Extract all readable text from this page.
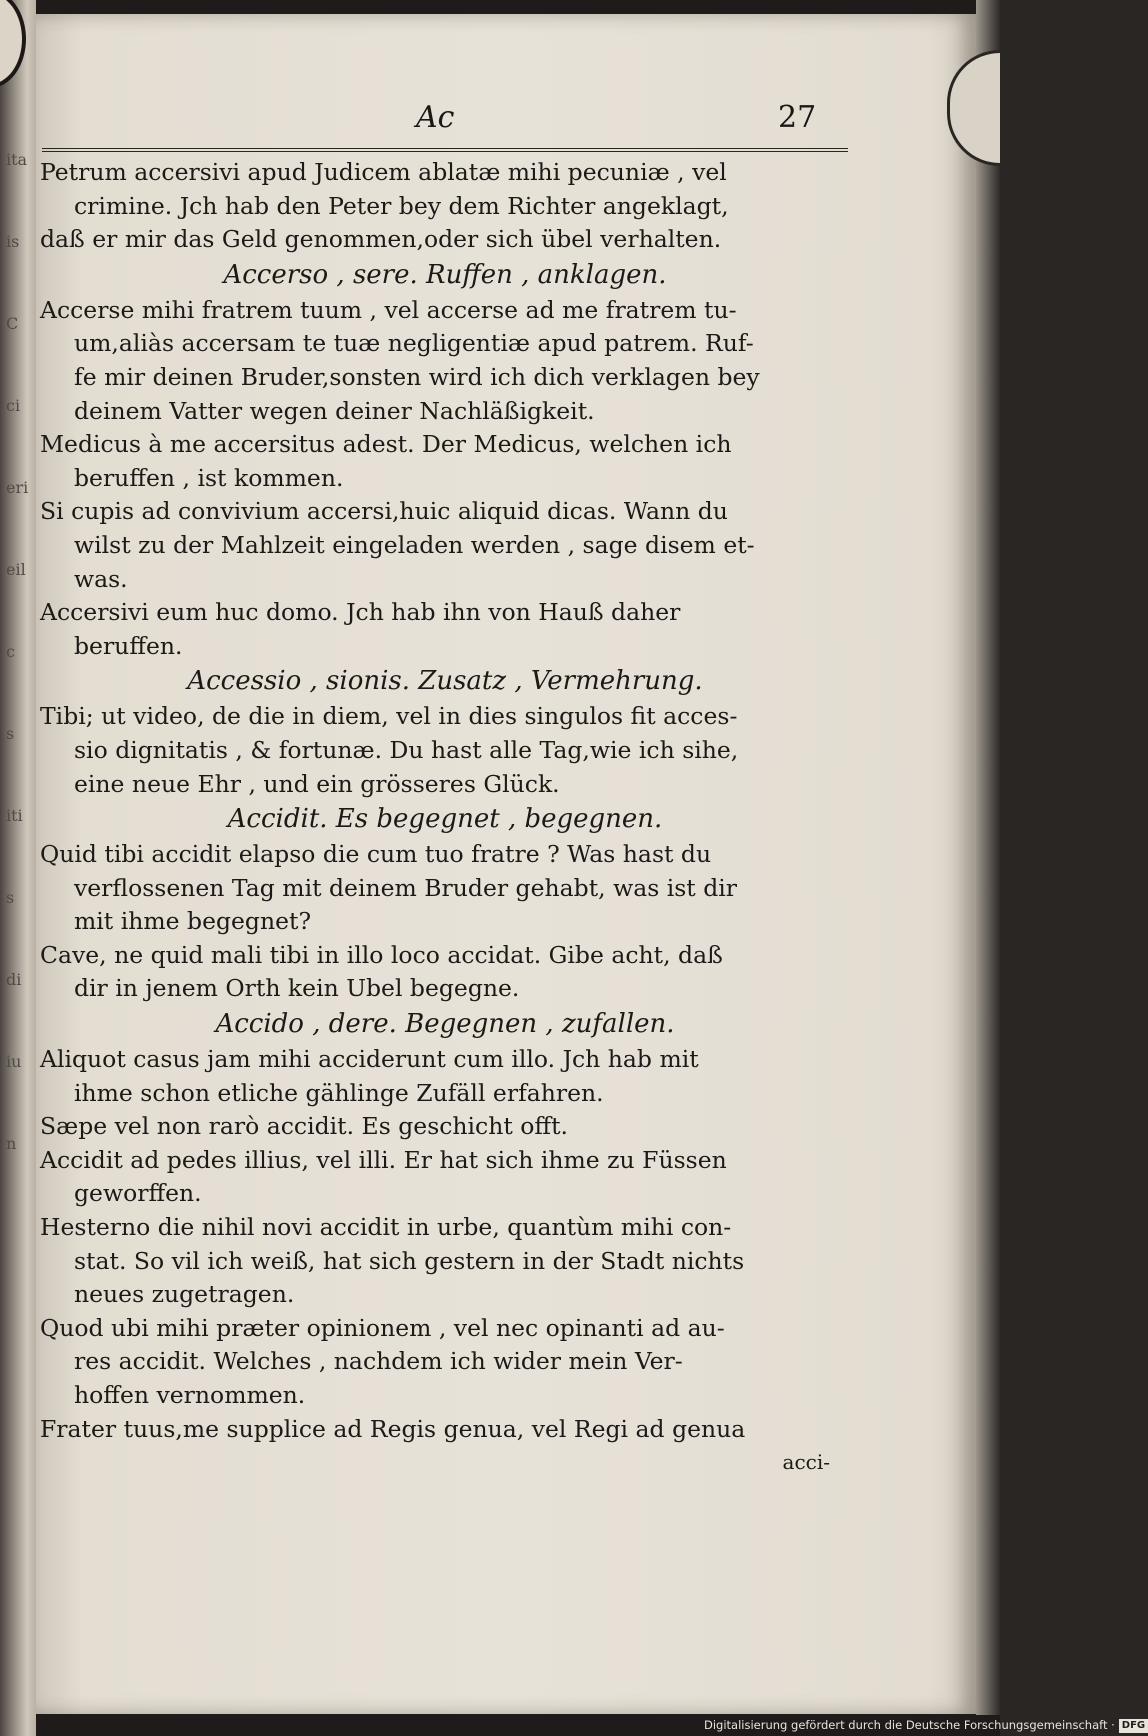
ita
is
C
ci
eri
eil
c
s
iti
s
di
iu
n
Ac	27
Petrum accersivi apud Judicem ablatæ mihi pecuniæ , vel
crimine. Jch hab den Peter bey dem Richter angeklagt,
daß er mir das Geld genommen,oder sich übel verhalten.
Accerso , sere. Ruffen , anklagen.
Accerse mihi fratrem tuum , vel accerse ad me fratrem tu-
um,aliàs accersam te tuæ negligentiæ apud patrem. Ruf-
fe mir deinen Bruder,sonsten wird ich dich verklagen bey
deinem Vatter wegen deiner Nachläßigkeit.
Medicus à me accersitus adest. Der Medicus, welchen ich
beruffen , ist kommen.
Si cupis ad convivium accersi,huic aliquid dicas. Wann du
wilst zu der Mahlzeit eingeladen werden , sage disem et-
was.
Accersivi eum huc domo. Jch hab ihn von Hauß daher
beruffen.
Accessio , sionis. Zusatz , Vermehrung.
Tibi; ut video, de die in diem, vel in dies singulos fit acces-
sio dignitatis , & fortunæ. Du hast alle Tag,wie ich sihe,
eine neue Ehr , und ein grösseres Glück.
Accidit. Es begegnet , begegnen.
Quid tibi accidit elapso die cum tuo fratre ? Was hast du
verflossenen Tag mit deinem Bruder gehabt, was ist dir
mit ihme begegnet?
Cave, ne quid mali tibi in illo loco accidat. Gibe acht, daß
dir in jenem Orth kein Ubel begegne.
Accido , dere. Begegnen , zufallen.
Aliquot casus jam mihi acciderunt cum illo. Jch hab mit
ihme schon etliche gählinge Zufäll erfahren.
Sæpe vel non rarò accidit. Es geschicht offt.
Accidit ad pedes illius, vel illi. Er hat sich ihme zu Füssen
geworffen.
Hesterno die nihil novi accidit in urbe, quantùm mihi con-
stat. So vil ich weiß, hat sich gestern in der Stadt nichts
neues zugetragen.
Quod ubi mihi præter opinionem , vel nec opinanti ad au-
res accidit. Welches , nachdem ich wider mein Ver-
hoffen vernommen.
Frater tuus,me supplice ad Regis genua, vel Regi ad genua
acci-
Digitalisierung gefördert durch die Deutsche Forschungsgemeinschaft · DFG
